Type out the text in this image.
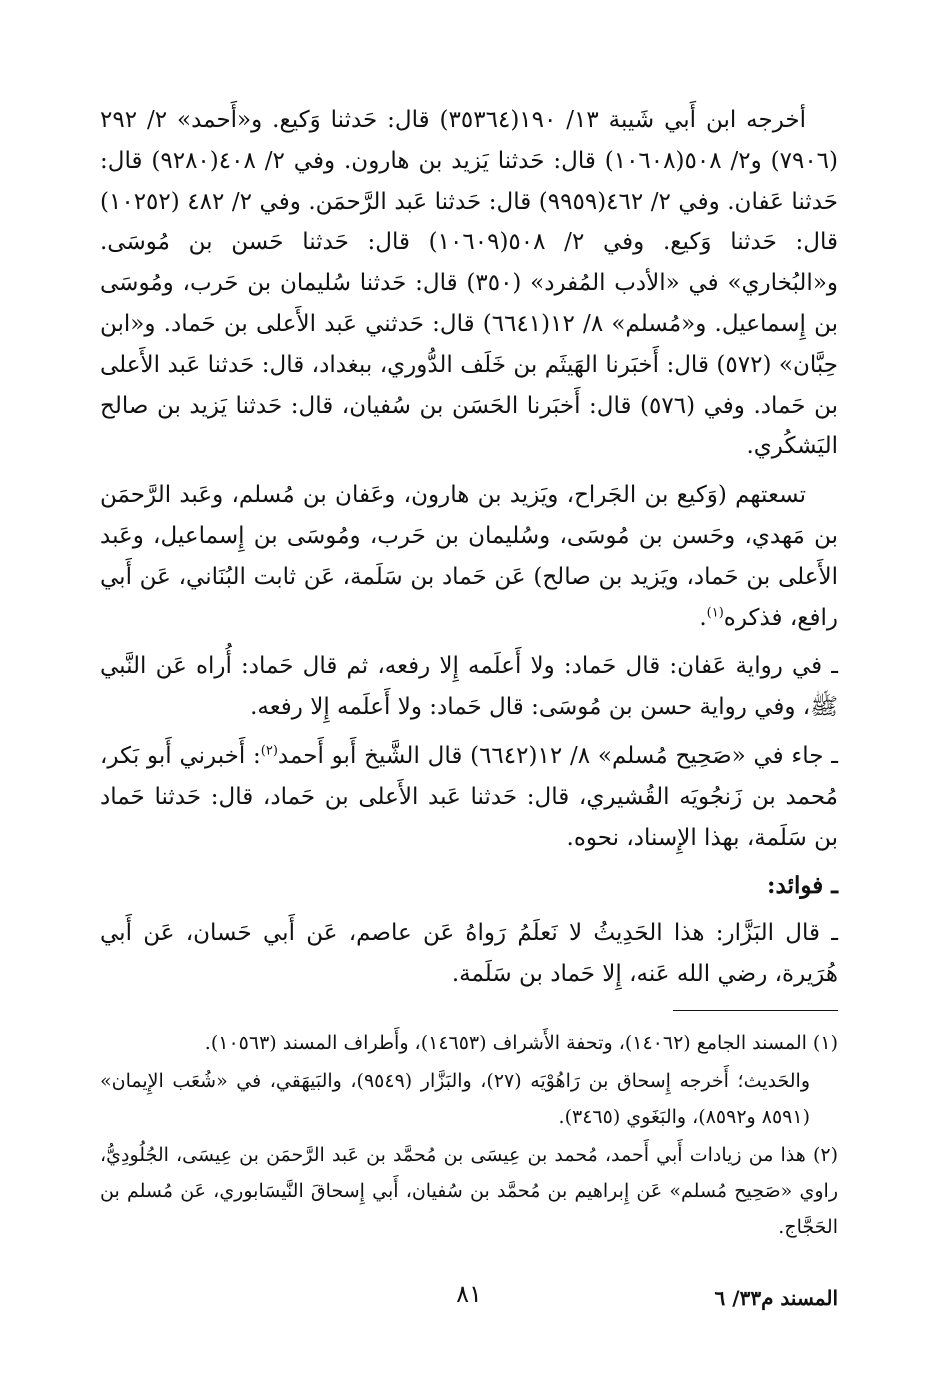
أخرجه ابن أَبي شَيبة ١٣/ ١٩٠(٣٥٣٦٤) قال: حَدثنا وَكيع. و«أَحمد» ٢/ ٢٩٢ (٧٩٠٦) و٢/ ٥٠٨(١٠٦٠٨) قال: حَدثنا يَزيد بن هارون. وفي ٢/ ٤٠٨(٩٢٨٠) قال: حَدثنا عَفان. وفي ٢/ ٤٦٢(٩٩٥٩) قال: حَدثنا عَبد الرَّحمَن. وفي ٢/ ٤٨٢ (١٠٢٥٢) قال: حَدثنا وَكيع. وفي ٢/ ٥٠٨(١٠٦٠٩) قال: حَدثنا حَسن بن مُوسَى. و«البُخاري» في «الأدب المُفرد» (٣٥٠) قال: حَدثنا سُليمان بن حَرب، ومُوسَى بن إِسماعيل. و«مُسلم» ٨/ ١٢(٦٦٤١) قال: حَدثني عَبد الأَعلى بن حَماد. و«ابن حِبَّان» (٥٧٢) قال: أَخبَرنا الهَيثَم بن خَلَف الدُّوري، ببغداد، قال: حَدثنا عَبد الأَعلى بن حَماد. وفي (٥٧٦) قال: أَخبَرنا الحَسَن بن سُفيان، قال: حَدثنا يَزيد بن صالح اليَشكُري.

تسعتهم (وَكيع بن الجَراح، ويَزيد بن هارون، وعَفان بن مُسلم، وعَبد الرَّحمَن بن مَهدي، وحَسن بن مُوسَى، وسُليمان بن حَرب، ومُوسَى بن إِسماعيل، وعَبد الأَعلى بن حَماد، ويَزيد بن صالح) عَن حَماد بن سَلَمة، عَن ثابت البُنَاني، عَن أَبي رافع، فذكره$^{(١)}$.

ـ في رواية عَفان: قال حَماد: ولا أَعلَمه إِلا رفعه، ثم قال حَماد: أُراه عَن النَّبي ﷺ، وفي رواية حسن بن مُوسَى: قال حَماد: ولا أَعلَمه إِلا رفعه.

ـ جاء في «صَحِيح مُسلم» ٨/ ١٢(٦٦٤٢) قال الشَّيخ أَبو أَحمد$^{(٢)}$: أَخبرني أَبو بَكر، مُحمد بن زَنجُويَه القُشيري، قال: حَدثنا عَبد الأَعلى بن حَماد، قال: حَدثنا حَماد بن سَلَمة، بهذا الإِسناد، نحوه.

ـ فوائد:

ـ قال البَزَّار: هذا الحَدِيثُ لا نَعلَمُ رَواهُ عَن عاصم، عَن أَبي حَسان، عَن أَبي هُرَيرة، رضي الله عَنه، إِلا حَماد بن سَلَمة.

(١) المسند الجامع (١٤٠٦٢)، وتحفة الأَشراف (١٤٦٥٣)، وأَطراف المسند (١٠٥٦٣).

والحَديث؛ أَخرجه إِسحاق بن رَاهُوْيَه (٢٧)، والبَزَّار (٩٥٤٩)، والبَيهَقي، في «شُعَب الإِيمان» (٨٥٩١ و٨٥٩٢)، والبَغَوي (٣٤٦٥).

(٢) هذا من زيادات أَبي أَحمد، مُحمد بن عِيسَى بن مُحمَّد بن عَبد الرَّحمَن بن عِيسَى، الجُلُودِيُّ، راوي «صَحِيح مُسلم» عَن إِبراهيم بن مُحمَّد بن سُفيان، أَبي إِسحاقَ النَّيسَابوري، عَن مُسلم بن الحَجَّاج.

٨١	المسند م٣٣/ ٦
